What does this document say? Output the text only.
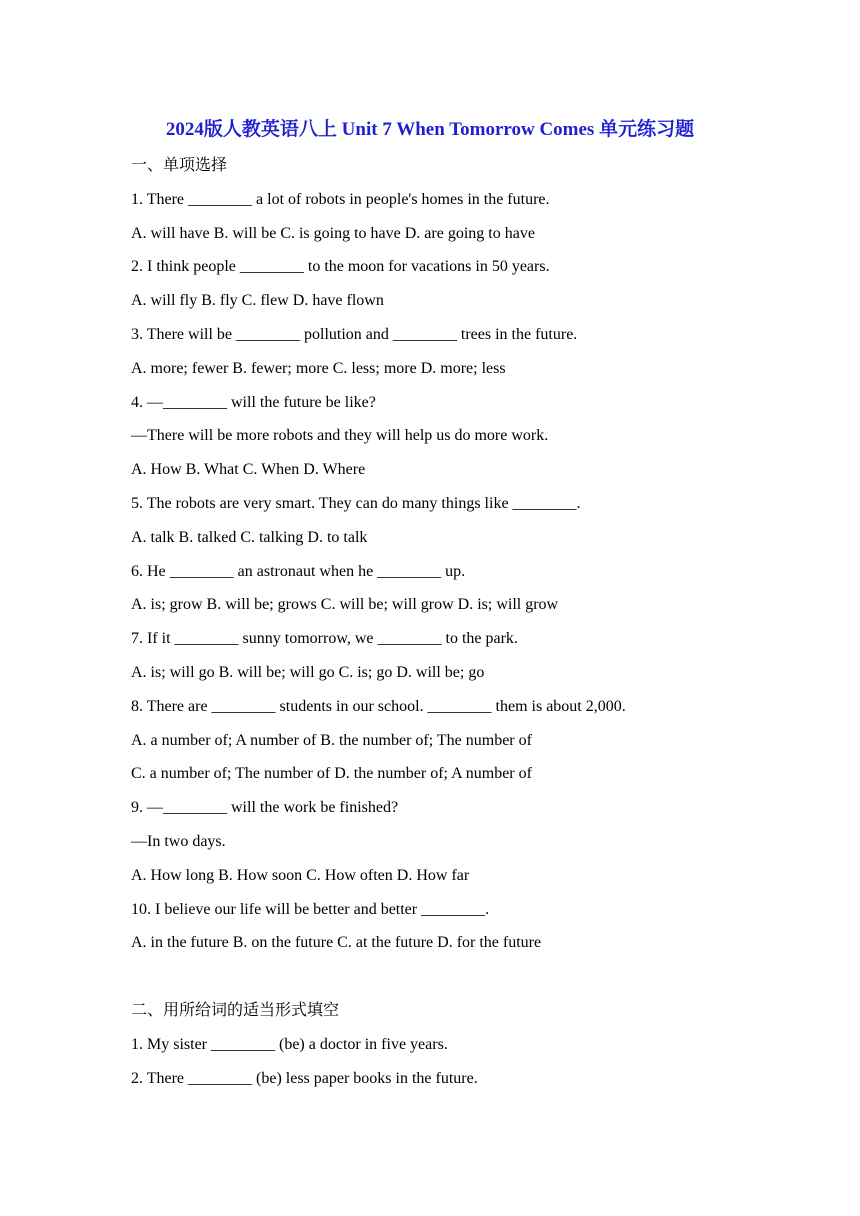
2024版人教英语八上 Unit 7 When Tomorrow Comes 单元练习题
一、单项选择
1. There ________ a lot of robots in people's homes in the future.
A. will have B. will be C. is going to have D. are going to have
2. I think people ________ to the moon for vacations in 50 years.
A. will fly B. fly C. flew D. have flown
3. There will be ________ pollution and ________ trees in the future.
A. more; fewer B. fewer; more C. less; more D. more; less
4. —________ will the future be like?
—There will be more robots and they will help us do more work.
A. How B. What C. When D. Where
5. The robots are very smart. They can do many things like ________.
A. talk B. talked C. talking D. to talk
6. He ________ an astronaut when he ________ up.
A. is; grow B. will be; grows C. will be; will grow D. is; will grow
7. If it ________ sunny tomorrow, we ________ to the park.
A. is; will go B. will be; will go C. is; go D. will be; go
8. There are ________ students in our school. ________ them is about 2,000.
A. a number of; A number of B. the number of; The number of
C. a number of; The number of D. the number of; A number of
9. —________ will the work be finished?
—In two days.
A. How long B. How soon C. How often D. How far
10. I believe our life will be better and better ________.
A. in the future B. on the future C. at the future D. for the future
二、用所给词的适当形式填空
1. My sister ________ (be) a doctor in five years.
2. There ________ (be) less paper books in the future.
